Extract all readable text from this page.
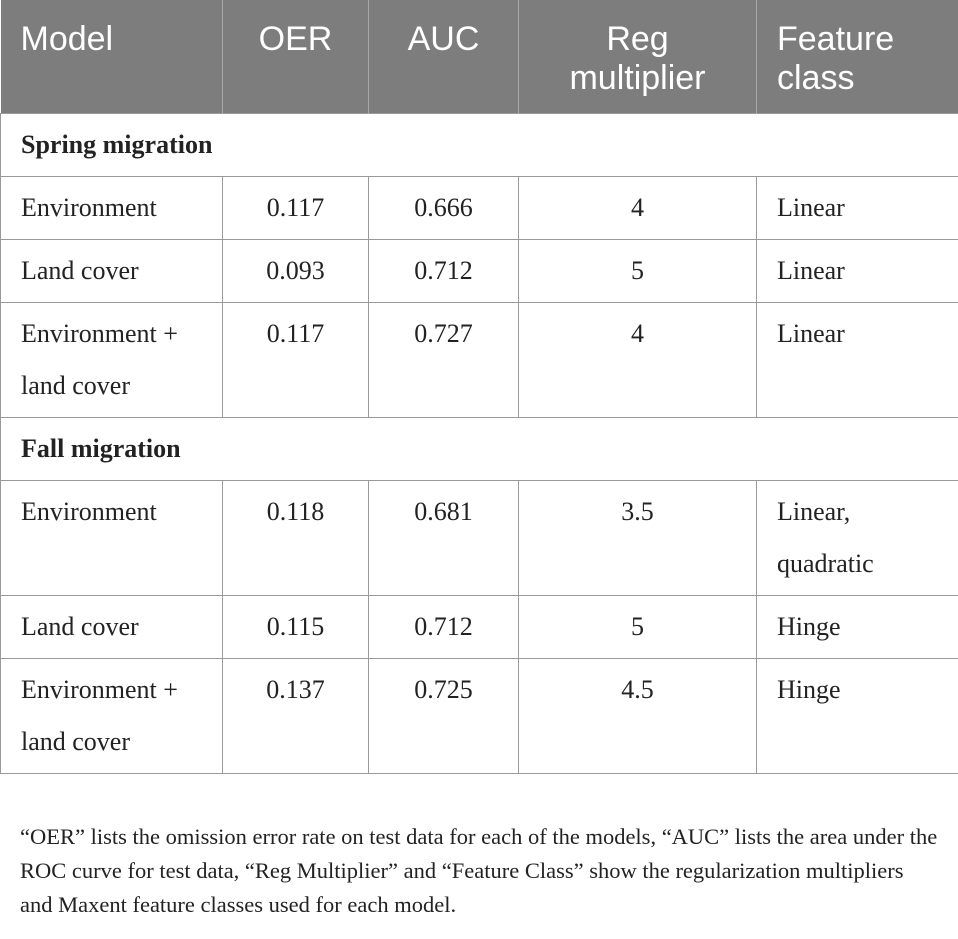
Model	OER	AUC	Reg multiplier	Feature class
Spring migration				
Environment	0.117	0.666	4	Linear
Land cover	0.093	0.712	5	Linear
Environment + land cover	0.117	0.727	4	Linear
Fall migration				
Environment	0.118	0.681	3.5	Linear, quadratic
Land cover	0.115	0.712	5	Hinge
Environment + land cover	0.137	0.725	4.5	Hinge

“OER” lists the omission error rate on test data for each of the models, “AUC” lists the area under the ROC curve for test data, “Reg Multiplier” and “Feature Class” show the regularization multipliers and Maxent feature classes used for each model.
